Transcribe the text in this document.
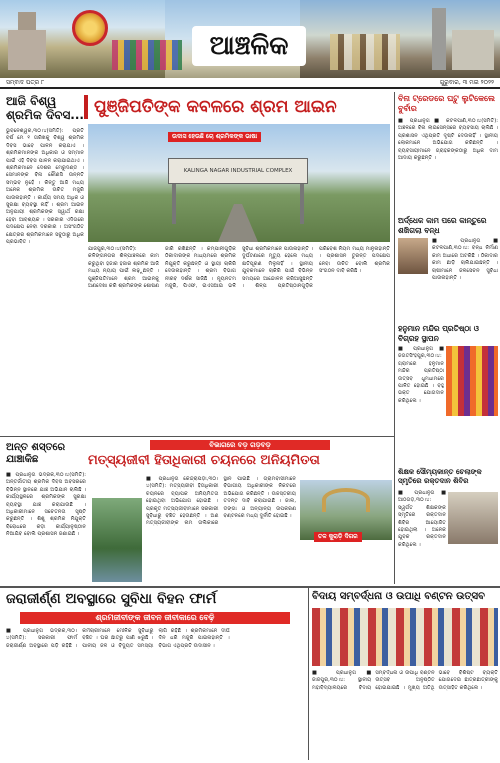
ଆଞ୍ଚଳିକ
ସମ୍ବାଦ ପତ୍ର ୮	ଗୁରୁବାର, ୩ ମଇ ୨୦୨୨
ଆଜି ବିଶ୍ୱ
ଶ୍ରମିକ ଦିବସ... ପୁଞ୍ଜିପତିଙ୍କ କବଳରେ ଶ୍ରମ ଆଇନ
ଭୁବନେଶ୍ୱର,୩୦।୪(ସମିତି): ପ୍ରତି ବର୍ଷ ମେ ୧ ତାରିଖକୁ ବିଶ୍ୱ ଶ୍ରମିକ ଦିବସ ଭାବେ ପାଳନ କରାଯାଏ । ଶ୍ରମିକମାନଙ୍କ ଅଧିକାର ଓ ସମ୍ମାନ ପାଇଁ ଏହି ଦିବସ ପାଳନ କରାଯାଇଥାଏ । ଶ୍ରମିକମାନେ ଦେଶର ମେରୁଦଣ୍ଡ । ସେମାନଙ୍କ ବିନା କୌଣସି ଉନ୍ନତି ସମ୍ଭବ ନୁହେଁ । କିନ୍ତୁ ଆଜି ମଧ୍ୟ ଅନେକ ଶ୍ରମିକ ଉଚିତ ମଜୁରି ପାଉନାହାନ୍ତି । କାର୍ଯ୍ୟ ସମୟ ଅଧିକ ଓ ସୁରକ୍ଷା ବ୍ୟବସ୍ଥା ନାହିଁ । ଶ୍ରମ ଆଇନ ଅନୁଯାୟୀ ଶ୍ରମିକଙ୍କ ସ୍ୱାର୍ଥ ରକ୍ଷା ହେବା ଆବଶ୍ୟକ । ସରକାର ଏଦିଗରେ ପଦକ୍ଷେପ ନେବା ଦରକାର । ଅସଂଗଠିତ କ୍ଷେତ୍ରର ଶ୍ରମିକମାନେ ସବୁଠାରୁ ଅଧିକ ପ୍ରଭାବିତ ।
KALINGA NAGAR INDUSTRIAL COMPLEX
ଉଦାସ ହେଉଛି ଚୋ ଶ୍ରମିକଙ୍କ ଭାଷା
ଯାଜପୁର,୩୦।୪(ସମିତି): କଳିଙ୍ଗନଗର ଶିଳ୍ପାଞ୍ଚଳରେ କାମ କରୁଥିବା ହଜାର ହଜାର ଶ୍ରମିକ ଆଜି ମଧ୍ୟ ନ୍ୟାୟ ପାଇଁ ଲଢ଼ୁଛନ୍ତି । ପୁଞ୍ଜିପତିମାନେ ଶ୍ରମ ଆଇନକୁ ଅଣଦେଖା କରି ଶ୍ରମିକଙ୍କ ଶୋଷଣ ଜାରି ରଖିଛନ୍ତି । କମ୍ପାନୀଗୁଡ଼ିକ ଠିକାଦାରଙ୍କ ମାଧ୍ୟମରେ ଶ୍ରମିକ ନିଯୁକ୍ତି କରୁଛନ୍ତି ଓ ସ୍ଥାୟୀ ଚାକିରି ଦେଉନାହାନ୍ତି । ଶ୍ରମ ବିଭାଗ ନୀରବ ଦର୍ଶକ ସାଜିଛି । ନ୍ୟୂନତମ ମଜୁରି, ପିଏଫ, ଇଏସଆଇ ଭଳି ସୁବିଧା ଶ୍ରମିକମାନେ ପାଉନାହାନ୍ତି । ଦୁର୍ଘଟଣାରେ ମୃତ୍ୟୁ ହେଲେ ମଧ୍ୟ କ୍ଷତିପୂରଣ ମିଳୁନାହିଁ । ସ୍ଥାନୀୟ ଯୁବକମାନେ ଚାକିରି ପାଇଁ ବିଭିନ୍ନ ସମୟରେ ଆନ୍ଦୋଳନ କରିଆସୁଛନ୍ତି । ଶିଳ୍ପ ପ୍ରତିଷ୍ଠାନଗୁଡ଼ିକ ପରିବେଶ ନିୟମ ମଧ୍ୟ ମାନୁନାହାନ୍ତି । ପ୍ରଶାସନ ତୁରନ୍ତ ପଦକ୍ଷେପ ନେବା ଉଚିତ ବୋଲି ଶ୍ରମିକ ସଂଗଠନ ଦାବି କରିଛି ।
ବିନା ଟ୍ରେଡରେ ଘଟୁ ଲୁଟିକେଲେ ବୁର୍ବାର
■ ପ୍ରଧାନୁଗ ■ କଟଳପାଣି,୩୦।୪(ସମିତି): ଅଞ୍ଚଳରେ ବିନା ଲାଇସେନ୍ସରେ ବ୍ୟବସାୟ ଚାଲିଛି । ପ୍ରଶାସନ ଏଥିପ୍ରତି ଦୃଷ୍ଟି ଦେଉନାହିଁ । ସ୍ଥାନୀୟ ଲୋକମାନେ ଅଭିଯୋଗ କରିଛନ୍ତି । ବ୍ୟବସାୟୀମାନେ ଗ୍ରାହକଙ୍କଠାରୁ ଅଧିକ ଦାମ ଆଦାୟ କରୁଛନ୍ତି ।
ଅର୍ଦ୍ଧେକ କାମ ପରେ କାନ୍ତୁରେ ଶଖିଗଲା ବନ୍ଧ
■ ପ୍ରଧାନୁଗ ■ କଟଳପାଣି,୩୦।୪: ବନ୍ଧ ନିର୍ମାଣ କାମ ଅଧାରେ ଅଟକିଛି । ଠିକାଦାର କାମ ଛାଡ଼ି ଚାଲିଯାଇଛନ୍ତି । ଚାଷୀମାନେ ଜଳସେଚନ ସୁବିଧା ପାଉନାହାନ୍ତି ।
ହନୁମାନ ମନ୍ଦିର ପ୍ରତିଷ୍ଠା ଓ ବିଗ୍ରହ ସ୍ଥାପନ
■ ପ୍ରଧାନୁଗ ■ ଜଗତସିଂହପୁର,୩୦।୪: ଗ୍ରାମରେ ହନୁମାନ ମନ୍ଦିର ପ୍ରତିଷ୍ଠା ଉତ୍ସବ ଧୁମଧାମରେ ପାଳିତ ହୋଇଛି । ବହୁ ଭକ୍ତ ଯୋଗଦାନ କରିଥିଲେ ।
ଶିକ୍ଷକ ସୌମ୍ୟକାନ୍ତ ଚେଲାଙ୍କ ସ୍ମୃତିରେ ରକ୍ତଦାନ ଶିବିର
■ ପ୍ରଧାନୁଗ ■ ଆଠଗଡ଼,୩୦।୪: ସ୍ୱର୍ଗତ ଶିକ୍ଷକଙ୍କ ସ୍ମୃତିରେ ରକ୍ତଦାନ ଶିବିର ଆୟୋଜିତ ହୋଇଥିଲା । ଅନେକ ଯୁବକ ରକ୍ତଦାନ କରିଥିଲେ ।
ଅନ୍ତ ଶସ୍ତରେ ଯାଞ୍ଚାକିଛ
■ ପ୍ରଧାନୁଗ ଭଦ୍ରକ,୩୦।୪(ସମିତି): ଅନ୍ତର୍ଜାତୀୟ ଶ୍ରମିକ ଦିବସ ଅବସରରେ ବିଭିନ୍ନ ସ୍ଥାନରେ ଯାଞ୍ଚ ଅଭିଯାନ ଚାଲିଛି । କାର୍ଯ୍ୟସ୍ଥଳରେ ଶ୍ରମିକଙ୍କ ସୁରକ୍ଷା ବ୍ୟବସ୍ଥା ଯାଞ୍ଚ କରାଯାଉଛି । ଅଧିକାରୀମାନେ ସଚେତନତା ସୃଷ୍ଟି କରୁଛନ୍ତି । ଶିଶୁ ଶ୍ରମିକ ନିଯୁକ୍ତି ବିରୋଧରେ କଡ଼ା କାର୍ଯ୍ୟାନୁଷ୍ଠାନ ନିଆଯିବ ବୋଲି ପ୍ରଶାସନ ଜଣାଇଛି ।
ବିଭାଗରେ ବଡ଼ ଗଡ଼ବଡ଼
ମତ୍ସ୍ୟଜୀବୀ ହିତାଧିକାରୀ ଚୟନରେ ଅନିୟମିତତା
■ ପ୍ରଧାନୁଗ କେନ୍ଦ୍ରାପଡ଼ା,୩୦।୪(ସମିତି): ମତ୍ସ୍ୟଜୀବୀ ହିତାଧିକାରୀ ଚୟନରେ ବ୍ୟାପକ ଅନିୟମିତତା ହୋଇଥିବା ଅଭିଯୋଗ ହୋଇଛି । ପ୍ରକୃତ ମତ୍ସ୍ୟଜୀବୀମାନେ ସରକାରୀ ସୁବିଧାରୁ ବଞ୍ଚିତ ହେଉଛନ୍ତି । ଅଣ ମତ୍ସ୍ୟଜୀବୀଙ୍କ ନାମ ତାଲିକାରେ ସ୍ଥାନ ପାଇଛି । ଗ୍ରାମବାସୀମାନେ ବିଭାଗୀୟ ଅଧିକାରୀଙ୍କ ନିକଟରେ ଅଭିଯୋଗ କରିଛନ୍ତି । ଉଚ୍ଚସ୍ତରୀୟ ତଦନ୍ତ ଦାବି କରାଯାଇଛି । ଜାଲ, ଡଙ୍ଗା ଓ ଅନ୍ୟାନ୍ୟ ଉପକରଣ ବଣ୍ଟନରେ ମଧ୍ୟ ଦୁର୍ନୀତି ହୋଇଛି ।
ତଳ କୁରାଡ଼ି ଦିଗର
ଜରାଜୀର୍ଣ୍ଣ ଅବସ୍ଥାରେ ସୁବିଧା ବିହନ ଫାର୍ମ
ଶ୍ରମଜୀବୀଙ୍କ ଜୀବନ ଜୀବୀକାରେ ବେଢ଼ି
■ ପ୍ରଧାନୁଗ ଭଦ୍ରକ,୩୦।୪(ସମିତି): ସରକାରୀ ଫାର୍ମ ଜରାଜୀର୍ଣ୍ଣ ଅବସ୍ଥାରେ ପଡ଼ି ରହିଛି । କର୍ମଚାରୀମାନେ ମୌଳିକ ସୁବିଧାରୁ ବଞ୍ଚିତ । ଘର ଛାତରୁ ପାଣି ଝରୁଛି । ପାନୀୟ ଜଳ ଓ ବିଦ୍ୟୁତ ସମସ୍ୟା ଲାଗି ରହିଛି । ଶ୍ରମିକମାନେ ଦୀର୍ଘ ଦିନ ଧରି ମଜୁରି ପାଇନାହାନ୍ତି । ବିଭାଗ ଏଥିପ୍ରତି ଉଦାସୀନ ।
ବିଦାୟ ସମ୍ବର୍ଦ୍ଧନା ଓ ଉପାଧି ବଣ୍ଟନ ଉତ୍ସବ
■ ପ୍ରଧାନୁଗ ■ ଜାଜପୁର,୩୦।୪: ସ୍ଥାନୀୟ ମହାବିଦ୍ୟାଳୟରେ ବିଦାୟ ସମ୍ବର୍ଦ୍ଧନା ଓ ଉପାଧି ବଣ୍ଟନ ଉତ୍ସବ ଅନୁଷ୍ଠିତ ହୋଇଯାଇଛି । ମୁଖ୍ୟ ଅତିଥି ଭାବେ ବିଶିଷ୍ଟ ବ୍ୟକ୍ତି ଯୋଗଦେଇ ଛାତ୍ରଛାତ୍ରୀଙ୍କୁ ଉତ୍ସାହିତ କରିଥିଲେ ।
